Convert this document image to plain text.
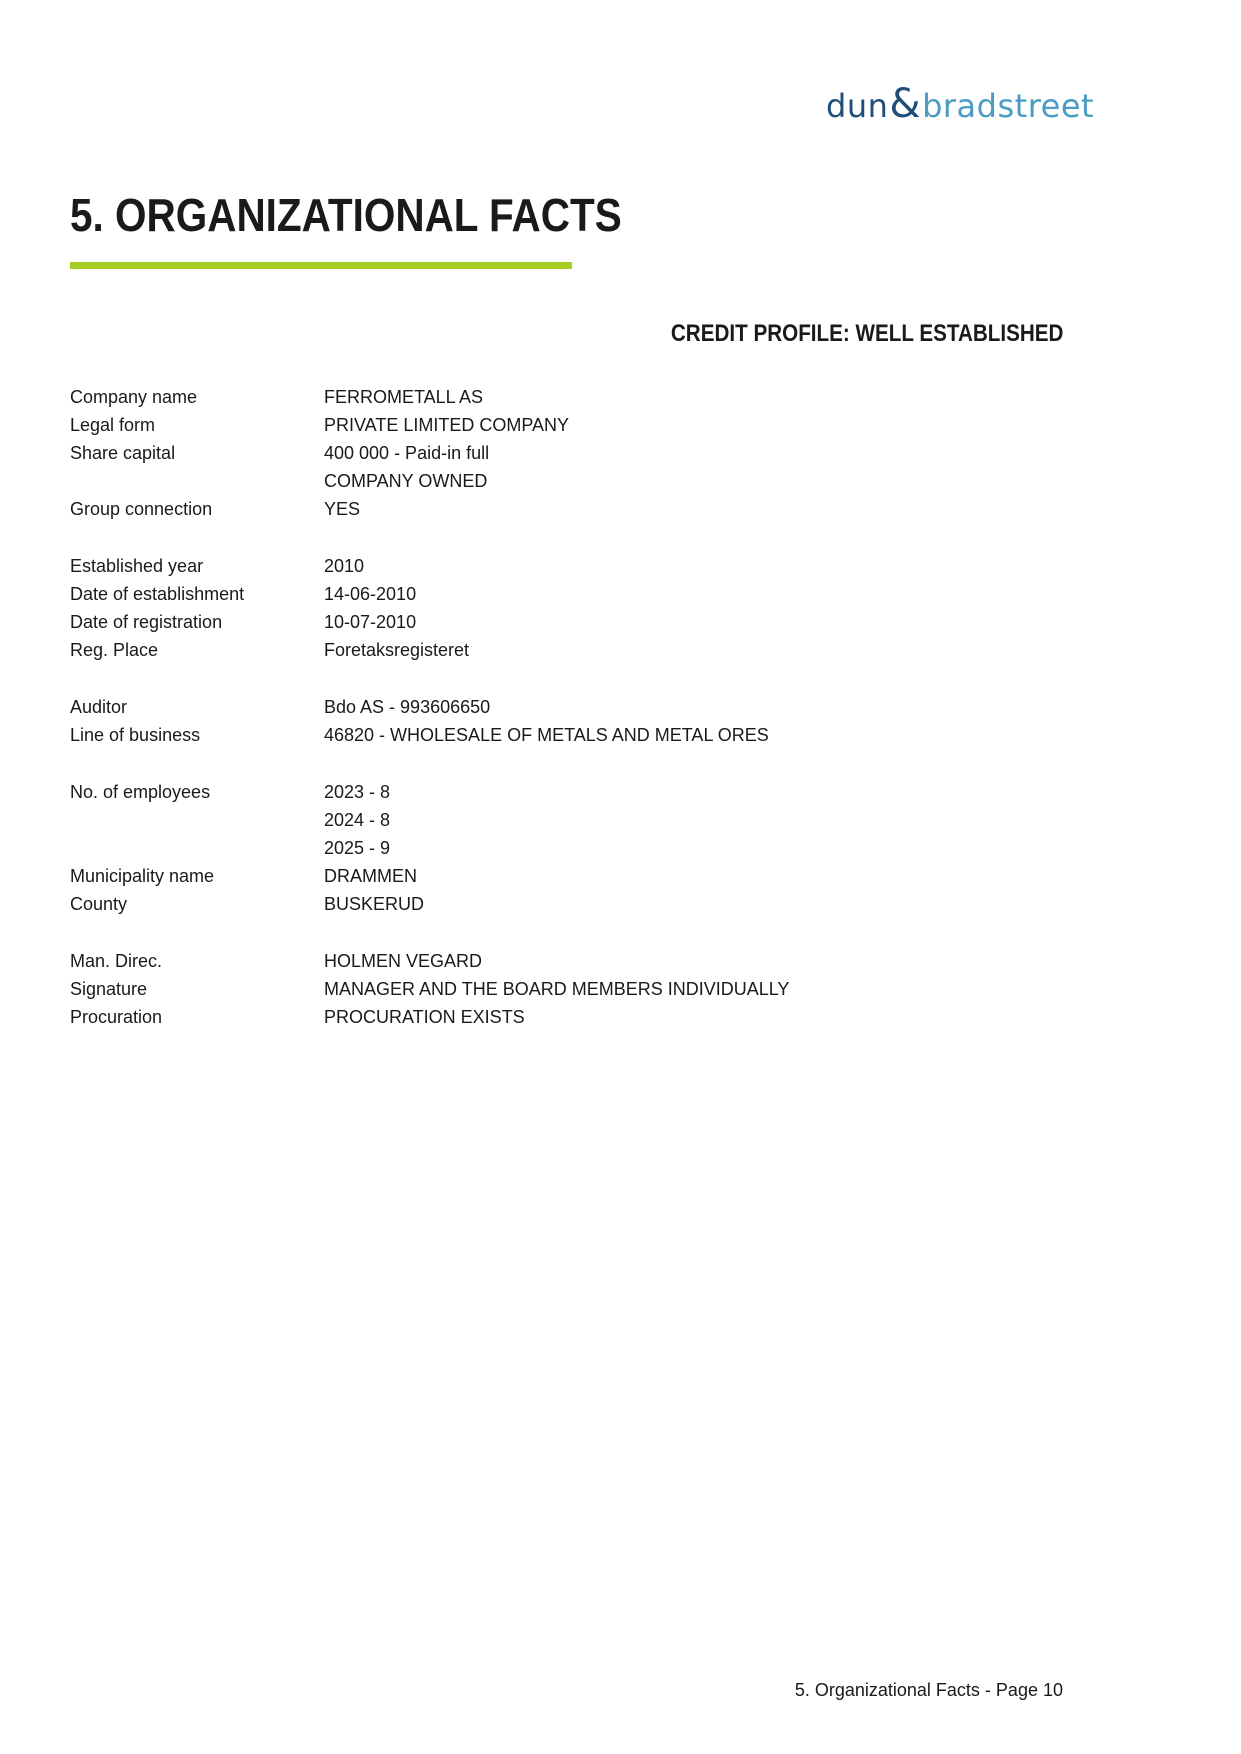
dun & bradstreet
5. ORGANIZATIONAL FACTS
CREDIT PROFILE: WELL ESTABLISHED
Company name	FERROMETALL AS
Legal form	PRIVATE LIMITED COMPANY
Share capital	400 000 - Paid-in full
COMPANY OWNED
Group connection	YES
Established year	2010
Date of establishment	14-06-2010
Date of registration	10-07-2010
Reg. Place	Foretaksregisteret
Auditor	Bdo AS - 993606650
Line of business	46820 - WHOLESALE OF METALS AND METAL ORES
No. of employees	2023 - 8
2024 - 8
2025 - 9
Municipality name	DRAMMEN
County	BUSKERUD
Man. Direc.	HOLMEN VEGARD
Signature	MANAGER AND THE BOARD MEMBERS INDIVIDUALLY
Procuration	PROCURATION EXISTS
5. Organizational Facts - Page 10
